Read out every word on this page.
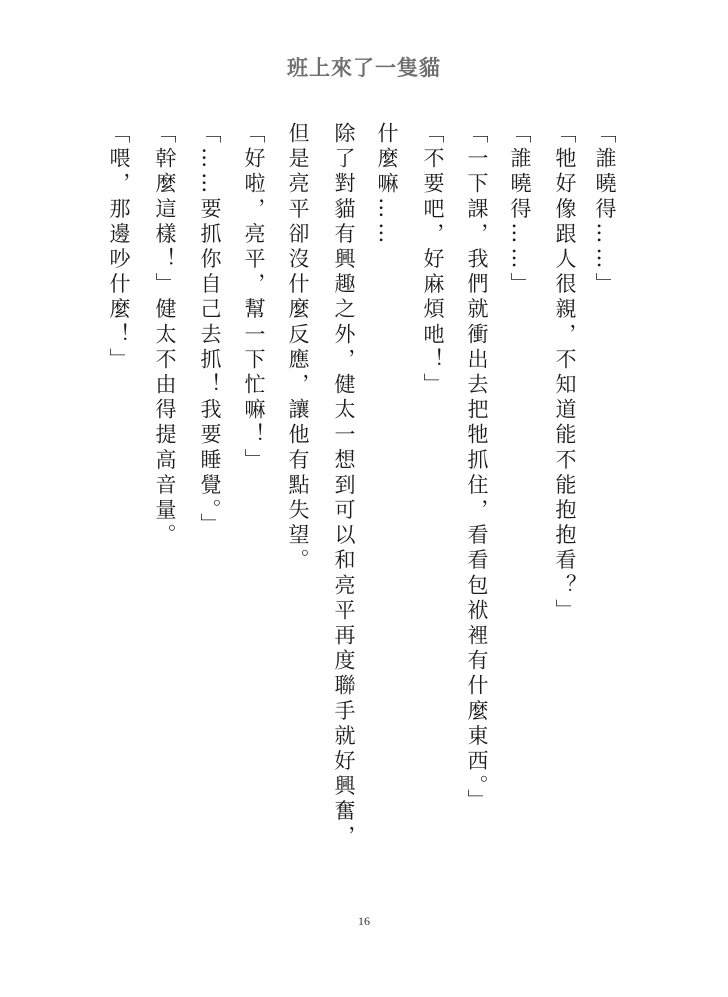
班上來了一隻貓
「誰曉得……」
「牠好像跟人很親，不知道能不能抱抱看？」
「誰曉得……」
「一下課，我們就衝出去把牠抓住，看看包袱裡有什麼東西。」
「不要吧，好麻煩吔！」
什麼嘛……
除了對貓有興趣之外，健太一想到可以和亮平再度聯手就好興奮，
但是亮平卻沒什麼反應，讓他有點失望。
「好啦，亮平，幫一下忙嘛！」
「……要抓你自己去抓！我要睡覺。」
「幹麼這樣！」健太不由得提高音量。
「喂，那邊吵什麼！」
16
